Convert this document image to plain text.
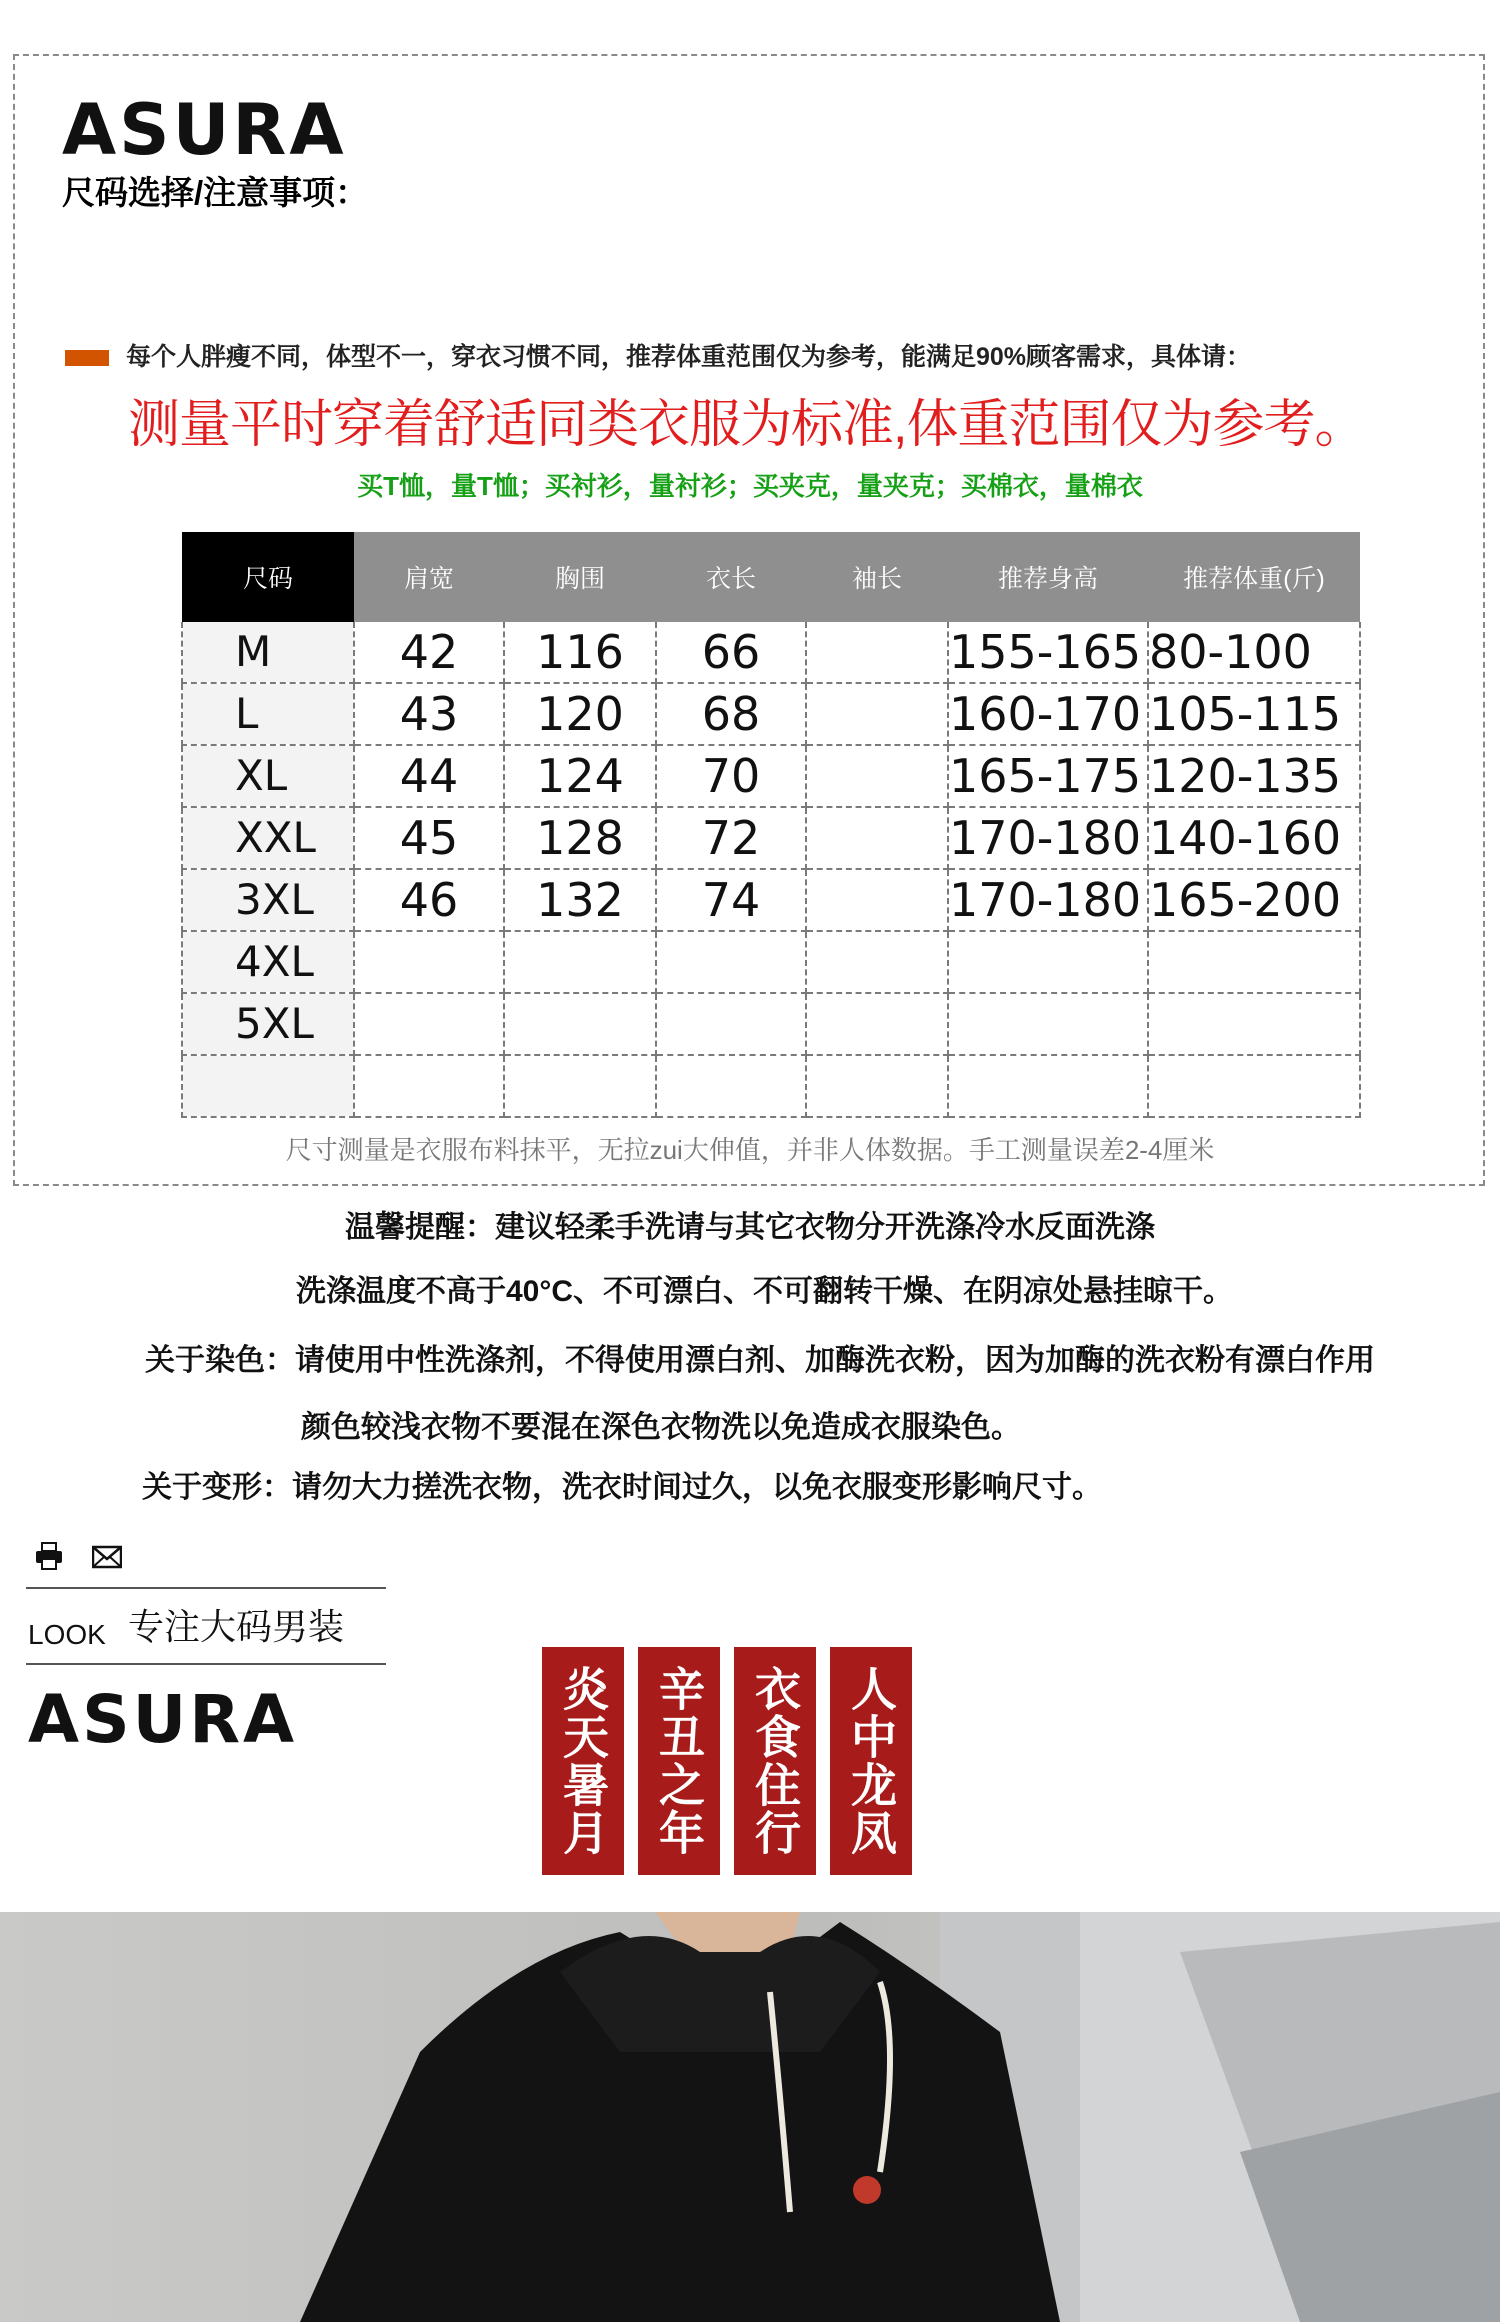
ASURA
尺码选择/注意事项：
每个人胖瘦不同，体型不一，穿衣习惯不同，推荐体重范围仅为参考，能满足90%顾客需求，具体请：
测量平时穿着舒适同类衣服为标准,体重范围仅为参考。
买T恤，量T恤；买衬衫，量衬衫；买夹克，量夹克；买棉衣，量棉衣
尺码	肩宽	胸围	衣长	袖长	推荐身高	推荐体重(斤)
M	42	116	66		155-165	80-100
L	43	120	68		160-170	105-115
XL	44	124	70		165-175	120-135
XXL	45	128	72		170-180	140-160
3XL	46	132	74		170-180	165-200
4XL						
5XL						

尺寸测量是衣服布料抹平，无拉zui大伸值，并非人体数据。手工测量误差2-4厘米
温馨提醒：建议轻柔手洗请与其它衣物分开洗涤冷水反面洗涤
洗涤温度不高于40°C、不可漂白、不可翻转干燥、在阴凉处悬挂晾干。
关于染色：请使用中性洗涤剂，不得使用漂白剂、加酶洗衣粉，因为加酶的洗衣粉有漂白作用
颜色较浅衣物不要混在深色衣物洗以免造成衣服染色。
关于变形：请勿大力搓洗衣物，洗衣时间过久，以免衣服变形影响尺寸。
LOOK 专注大码男装
ASURA	炎天暑月 辛丑之年 衣食住行 人中龙凤
